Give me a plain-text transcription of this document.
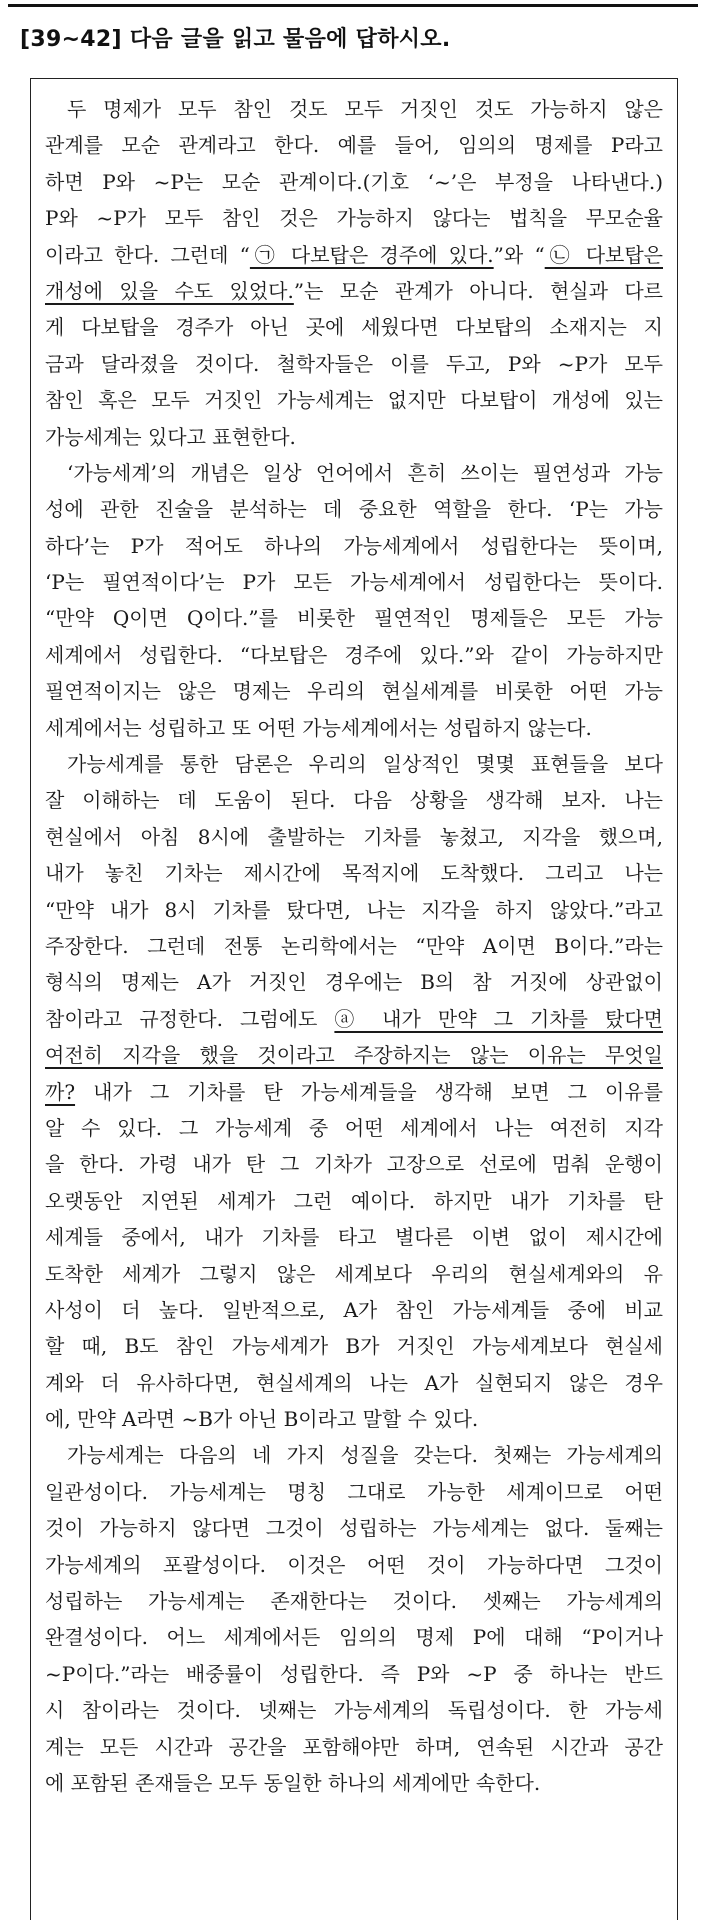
[39~42] 다음 글을 읽고 물음에 답하시오.
두 명제가 모두 참인 것도 모두 거짓인 것도 가능하지 않은
관계를 모순 관계라고 한다. 예를 들어, 임의의 명제를 P라고
하면 P와 ~P는 모순 관계이다.(기호 ‘~’은 부정을 나타낸다.)
P와 ~P가 모두 참인 것은 가능하지 않다는 법칙을 무모순율
이라고 한다. 그런데 “㉠ 다보탑은 경주에 있다.”와 “㉡ 다보탑은
개성에 있을 수도 있었다.”는 모순 관계가 아니다. 현실과 다르
게 다보탑을 경주가 아닌 곳에 세웠다면 다보탑의 소재지는 지
금과 달라졌을 것이다. 철학자들은 이를 두고, P와 ~P가 모두
참인 혹은 모두 거짓인 가능세계는 없지만 다보탑이 개성에 있는
가능세계는 있다고 표현한다.
‘가능세계’의 개념은 일상 언어에서 흔히 쓰이는 필연성과 가능
성에 관한 진술을 분석하는 데 중요한 역할을 한다. ‘P는 가능
하다’는 P가 적어도 하나의 가능세계에서 성립한다는 뜻이며,
‘P는 필연적이다’는 P가 모든 가능세계에서 성립한다는 뜻이다.
“만약 Q이면 Q이다.”를 비롯한 필연적인 명제들은 모든 가능
세계에서 성립한다. “다보탑은 경주에 있다.”와 같이 가능하지만
필연적이지는 않은 명제는 우리의 현실세계를 비롯한 어떤 가능
세계에서는 성립하고 또 어떤 가능세계에서는 성립하지 않는다.
가능세계를 통한 담론은 우리의 일상적인 몇몇 표현들을 보다
잘 이해하는 데 도움이 된다. 다음 상황을 생각해 보자. 나는
현실에서 아침 8시에 출발하는 기차를 놓쳤고, 지각을 했으며,
내가 놓친 기차는 제시간에 목적지에 도착했다. 그리고 나는
“만약 내가 8시 기차를 탔다면, 나는 지각을 하지 않았다.”라고
주장한다. 그런데 전통 논리학에서는 “만약 A이면 B이다.”라는
형식의 명제는 A가 거짓인 경우에는 B의 참 거짓에 상관없이
참이라고 규정한다. 그럼에도 ⓐ 내가 만약 그 기차를 탔다면
여전히 지각을 했을 것이라고 주장하지는 않는 이유는 무엇일
까? 내가 그 기차를 탄 가능세계들을 생각해 보면 그 이유를
알 수 있다. 그 가능세계 중 어떤 세계에서 나는 여전히 지각
을 한다. 가령 내가 탄 그 기차가 고장으로 선로에 멈춰 운행이
오랫동안 지연된 세계가 그런 예이다. 하지만 내가 기차를 탄
세계들 중에서, 내가 기차를 타고 별다른 이변 없이 제시간에
도착한 세계가 그렇지 않은 세계보다 우리의 현실세계와의 유
사성이 더 높다. 일반적으로, A가 참인 가능세계들 중에 비교
할 때, B도 참인 가능세계가 B가 거짓인 가능세계보다 현실세
계와 더 유사하다면, 현실세계의 나는 A가 실현되지 않은 경우
에, 만약 A라면 ~B가 아닌 B이라고 말할 수 있다.
가능세계는 다음의 네 가지 성질을 갖는다. 첫째는 가능세계의
일관성이다. 가능세계는 명칭 그대로 가능한 세계이므로 어떤
것이 가능하지 않다면 그것이 성립하는 가능세계는 없다. 둘째는
가능세계의 포괄성이다. 이것은 어떤 것이 가능하다면 그것이
성립하는 가능세계는 존재한다는 것이다. 셋째는 가능세계의
완결성이다. 어느 세계에서든 임의의 명제 P에 대해 “P이거나
~P이다.”라는 배중률이 성립한다. 즉 P와 ~P 중 하나는 반드
시 참이라는 것이다. 넷째는 가능세계의 독립성이다. 한 가능세
계는 모든 시간과 공간을 포함해야만 하며, 연속된 시간과 공간
에 포함된 존재들은 모두 동일한 하나의 세계에만 속한다.
